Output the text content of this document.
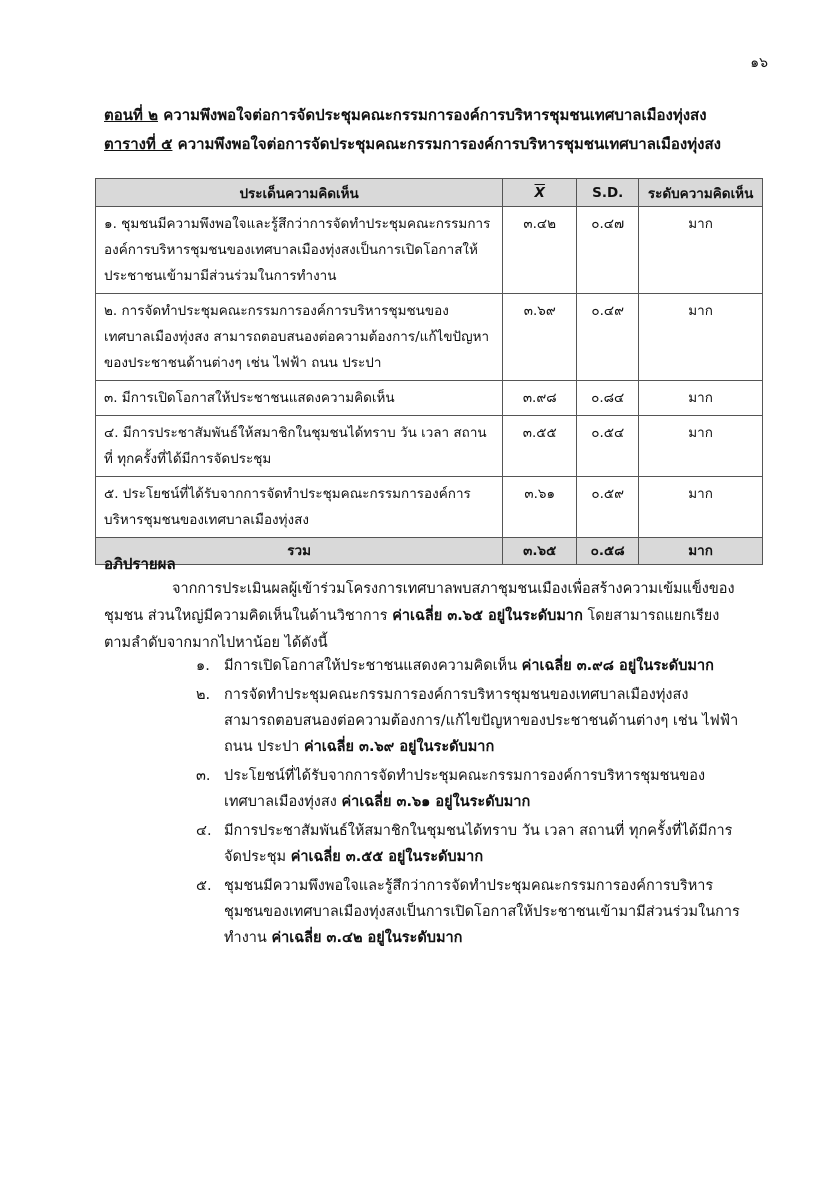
๑๖
ตอนที่ ๒ ความพึงพอใจต่อการจัดประชุมคณะกรรมการองค์การบริหารชุมชนเทศบาลเมืองทุ่งสง
ตารางที่ ๕ ความพึงพอใจต่อการจัดประชุมคณะกรรมการองค์การบริหารชุมชนเทศบาลเมืองทุ่งสง
ประเด็นความคิดเห็น	$\overline{X}$	S.D.	ระดับความคิดเห็น
๑. ชุมชนมีความพึงพอใจและรู้สึกว่าการจัดทำประชุมคณะกรรมการองค์การบริหารชุมชนของเทศบาลเมืองทุ่งสงเป็นการเปิดโอกาสให้ประชาชนเข้ามามีส่วนร่วมในการทำงาน	๓.๔๒	๐.๔๗	มาก
๒. การจัดทำประชุมคณะกรรมการองค์การบริหารชุมชนของเทศบาลเมืองทุ่งสง สามารถตอบสนองต่อความต้องการ/แก้ไขปัญหาของประชาชนด้านต่างๆ เช่น ไฟฟ้า ถนน ประปา	๓.๖๙	๐.๔๙	มาก
๓. มีการเปิดโอกาสให้ประชาชนแสดงความคิดเห็น	๓.๙๘	๐.๘๔	มาก
๔. มีการประชาสัมพันธ์ให้สมาชิกในชุมชนได้ทราบ วัน เวลา สถานที่ ทุกครั้งที่ได้มีการจัดประชุม	๓.๕๕	๐.๕๔	มาก
๕. ประโยชน์ที่ได้รับจากการจัดทำประชุมคณะกรรมการองค์การบริหารชุมชนของเทศบาลเมืองทุ่งสง	๓.๖๑	๐.๕๙	มาก
รวม	๓.๖๕	๐.๕๘	มาก
อภิปรายผล
จากการประเมินผลผู้เข้าร่วมโครงการเทศบาลพบสภาชุมชนเมืองเพื่อสร้างความเข้มแข็งของชุมชน ส่วนใหญ่มีความคิดเห็นในด้านวิชาการ ค่าเฉลี่ย ๓.๖๕ อยู่ในระดับมาก โดยสามารถแยกเรียงตามลำดับจากมากไปหาน้อย ได้ดังนี้
๑. มีการเปิดโอกาสให้ประชาชนแสดงความคิดเห็น ค่าเฉลี่ย ๓.๙๘ อยู่ในระดับมาก
๒. การจัดทำประชุมคณะกรรมการองค์การบริหารชุมชนของเทศบาลเมืองทุ่งสง สามารถตอบสนองต่อความต้องการ/แก้ไขปัญหาของประชาชนด้านต่างๆ เช่น ไฟฟ้า ถนน ประปา ค่าเฉลี่ย ๓.๖๙ อยู่ในระดับมาก
๓. ประโยชน์ที่ได้รับจากการจัดทำประชุมคณะกรรมการองค์การบริหารชุมชนของเทศบาลเมืองทุ่งสง ค่าเฉลี่ย ๓.๖๑ อยู่ในระดับมาก
๔. มีการประชาสัมพันธ์ให้สมาชิกในชุมชนได้ทราบ วัน เวลา สถานที่ ทุกครั้งที่ได้มีการจัดประชุม ค่าเฉลี่ย ๓.๕๕ อยู่ในระดับมาก
๕. ชุมชนมีความพึงพอใจและรู้สึกว่าการจัดทำประชุมคณะกรรมการองค์การบริหารชุมชนของเทศบาลเมืองทุ่งสงเป็นการเปิดโอกาสให้ประชาชนเข้ามามีส่วนร่วมในการทำงาน ค่าเฉลี่ย ๓.๔๒ อยู่ในระดับมาก
